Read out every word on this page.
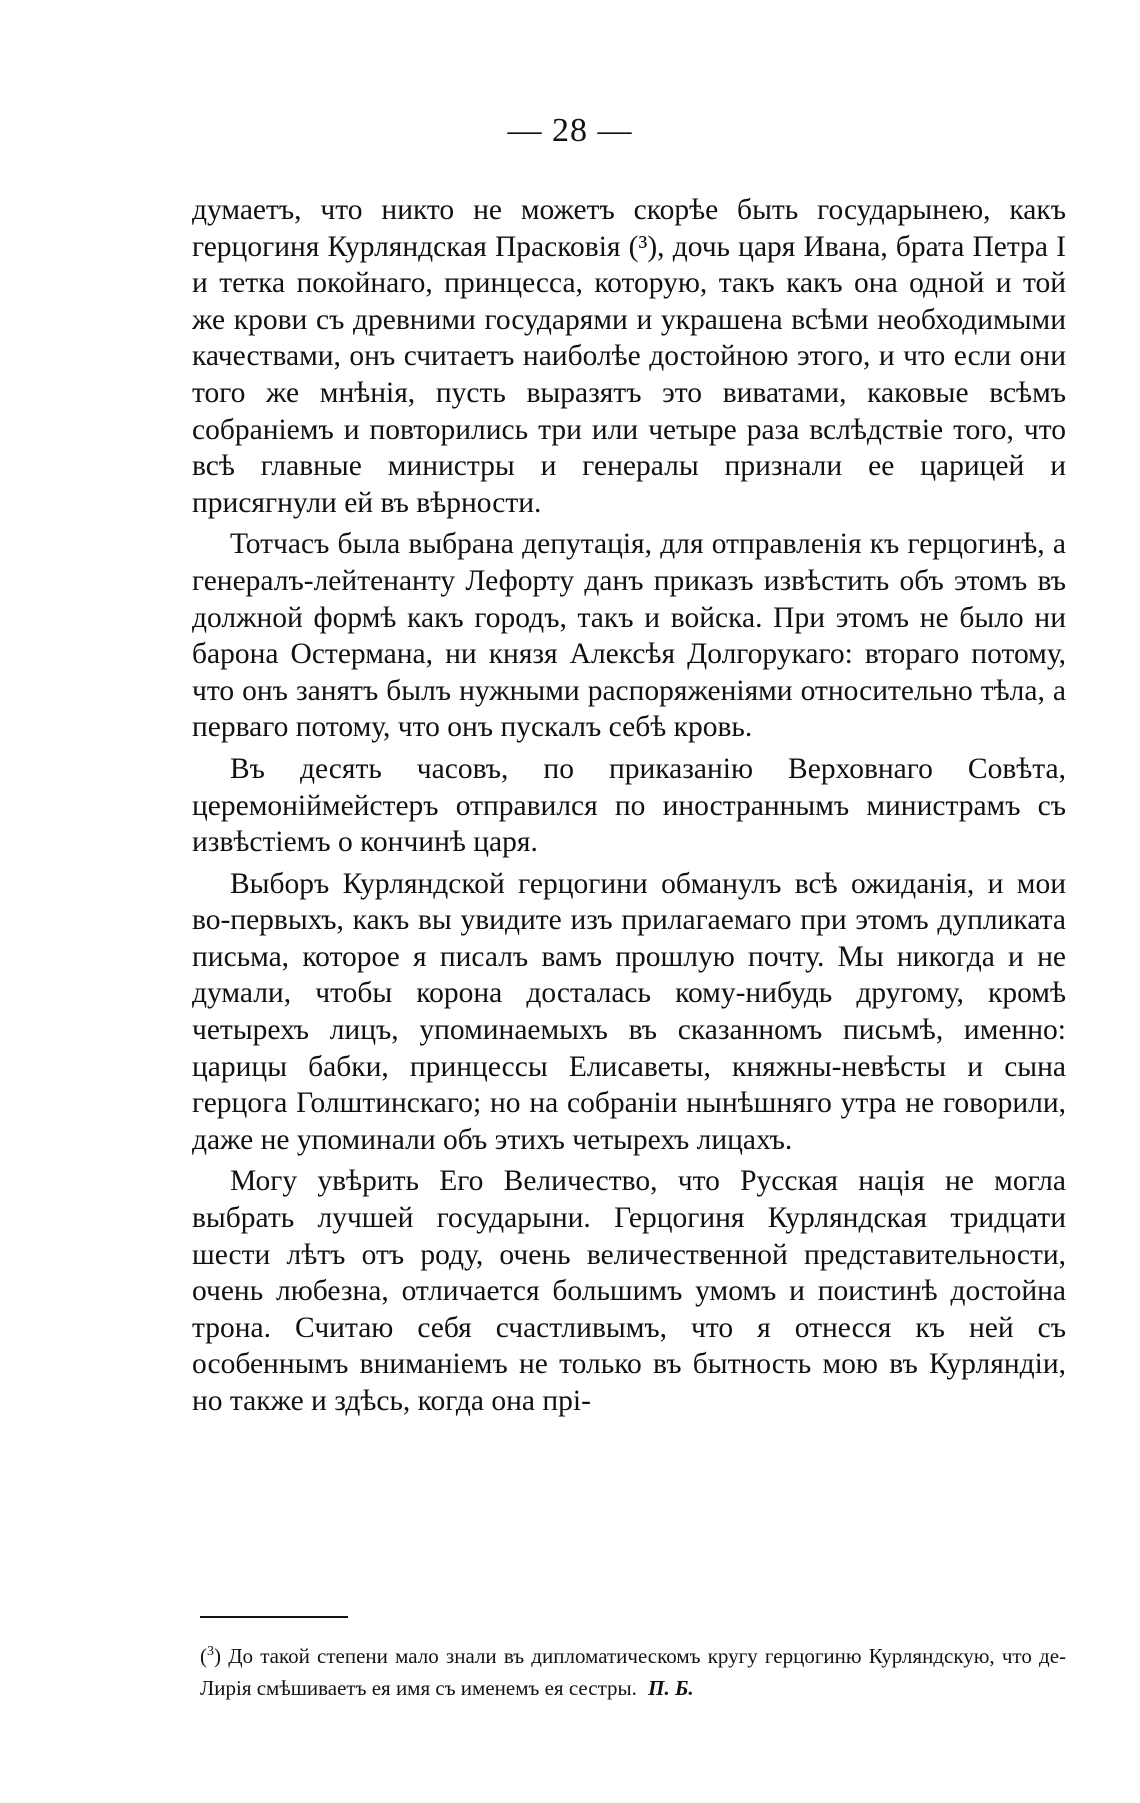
— 28 —

думаетъ, что никто не можетъ скорѣе быть государынею, какъ герцогиня Курляндская Прасковія (³), дочь царя Ивана, брата Петра I и тетка покойнаго, принцесса, которую, такъ какъ она одной и той же крови съ древними государями и украшена всѣми необходимыми качествами, онъ считаетъ наиболѣе достойною этого, и что если они того же мнѣнія, пусть выразятъ это виватами, каковые всѣмъ собраніемъ и повторились три или четыре раза вслѣдствіе того, что всѣ главные министры и генералы признали ее царицей и присягнули ей въ вѣрности.

Тотчасъ была выбрана депутація, для отправленія къ герцогинѣ, а генералъ-лейтенанту Лефорту данъ приказъ извѣстить объ этомъ въ должной формѣ какъ городъ, такъ и войска. При этомъ не было ни барона Остермана, ни князя Алексѣя Долгорукаго: втораго потому, что онъ занятъ былъ нужными распоряженіями относительно тѣла, а перваго потому, что онъ пускалъ себѣ кровь.

Въ десять часовъ, по приказанію Верховнаго Совѣта, церемоніймейстеръ отправился по иностраннымъ министрамъ съ извѣстіемъ о кончинѣ царя.

Выборъ Курляндской герцогини обманулъ всѣ ожиданія, и мои во-первыхъ, какъ вы увидите изъ прилагаемаго при этомъ дупликата письма, которое я писалъ вамъ прошлую почту. Мы никогда и не думали, чтобы корона досталась кому-нибудь другому, кромѣ четырехъ лицъ, упоминаемыхъ въ сказанномъ письмѣ, именно: царицы бабки, принцессы Елисаветы, княжны-невѣсты и сына герцога Голштинскаго; но на собраніи нынѣшняго утра не говорили, даже не упоминали объ этихъ четырехъ лицахъ.

Могу увѣрить Его Величество, что Русская нація не могла выбрать лучшей государыни. Герцогиня Курляндская тридцати шести лѣтъ отъ роду, очень величественной представительности, очень любезна, отличается большимъ умомъ и поистинѣ достойна трона. Считаю себя счастливымъ, что я отнесся къ ней съ особеннымъ вниманіемъ не только въ бытность мою въ Курляндіи, но также и здѣсь, когда она прі-

($^3$) До такой степени мало знали въ дипломатическомъ кругу герцогиню Курляндскую, что де-Лирія смѣшиваетъ ея имя съ именемъ ея сестры. П. Б.
